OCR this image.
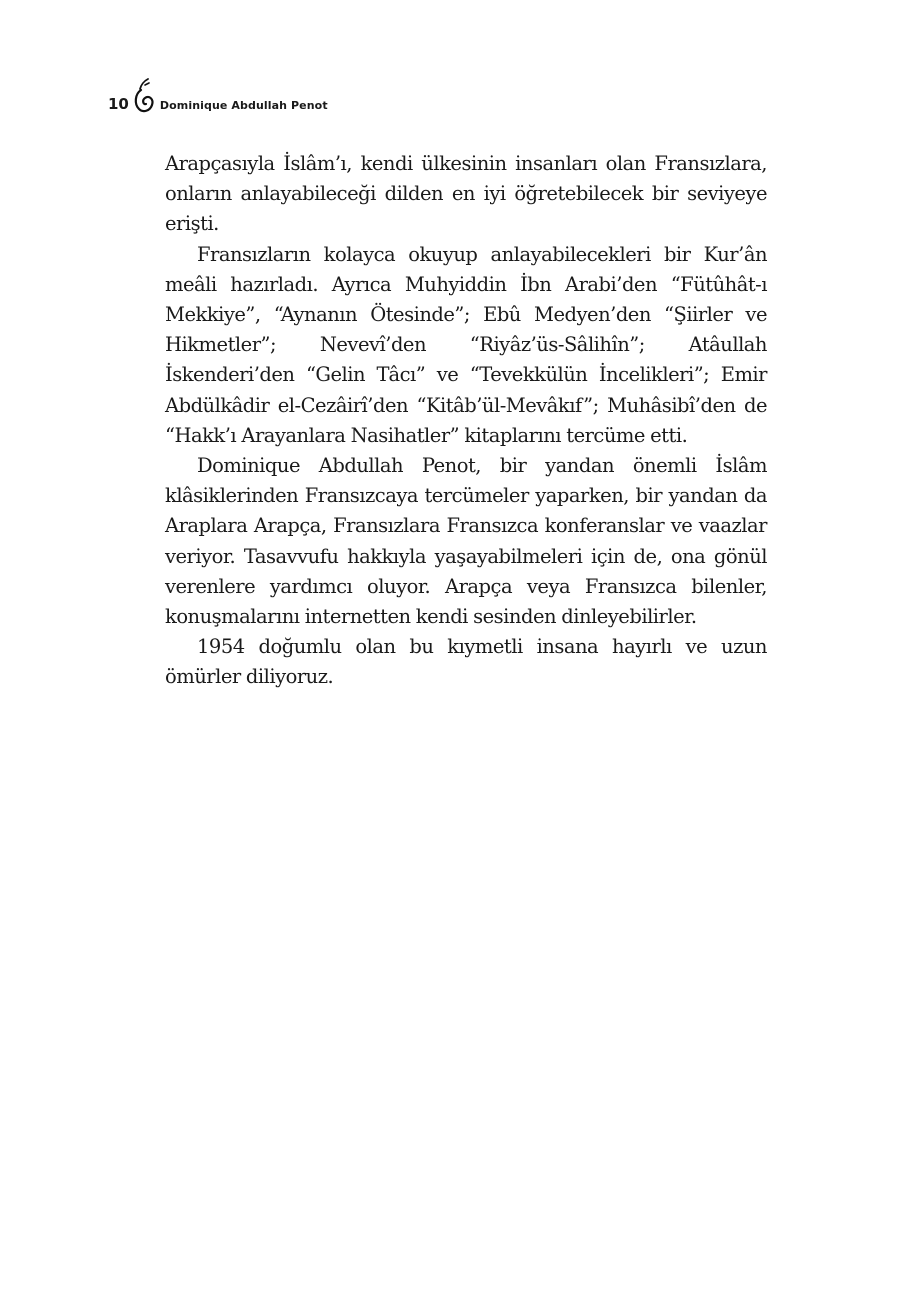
10	Dominique Abdullah Penot

Arapçasıyla İslâm’ı, kendi ülkesinin insanları olan Fransızlara, onların anlayabileceği dilden en iyi öğretebilecek bir seviyeye erişti.

Fransızların kolayca okuyup anlayabilecekleri bir Kur’ân meâli hazırladı. Ayrıca Muhyiddin İbn Arabi’den “Fütûhât-ı Mekkiye”, “Aynanın Ötesinde”; Ebû Medyen’den “Şiirler ve Hikmetler”; Nevevî’den “Riyâz’üs-Sâlihîn”; Atâullah İskenderi’den “Gelin Tâcı” ve “Tevekkülün İncelikleri”; Emir Abdülkâdir el-Cezâirî’den “Kitâb’ül-Mevâkıf”; Muhâsibî’den de “Hakk’ı Arayanlara Nasihatler” kitaplarını tercüme etti.

Dominique Abdullah Penot, bir yandan önemli İslâm klâsiklerinden Fransızcaya tercümeler yaparken, bir yandan da Araplara Arapça, Fransızlara Fransızca konferanslar ve vaazlar veriyor. Tasavvufu hakkıyla yaşayabilmeleri için de, ona gönül verenlere yardımcı oluyor. Arapça veya Fransızca bilenler, konuşmalarını internetten kendi sesinden dinleyebilirler.

1954 doğumlu olan bu kıymetli insana hayırlı ve uzun ömürler diliyoruz.
